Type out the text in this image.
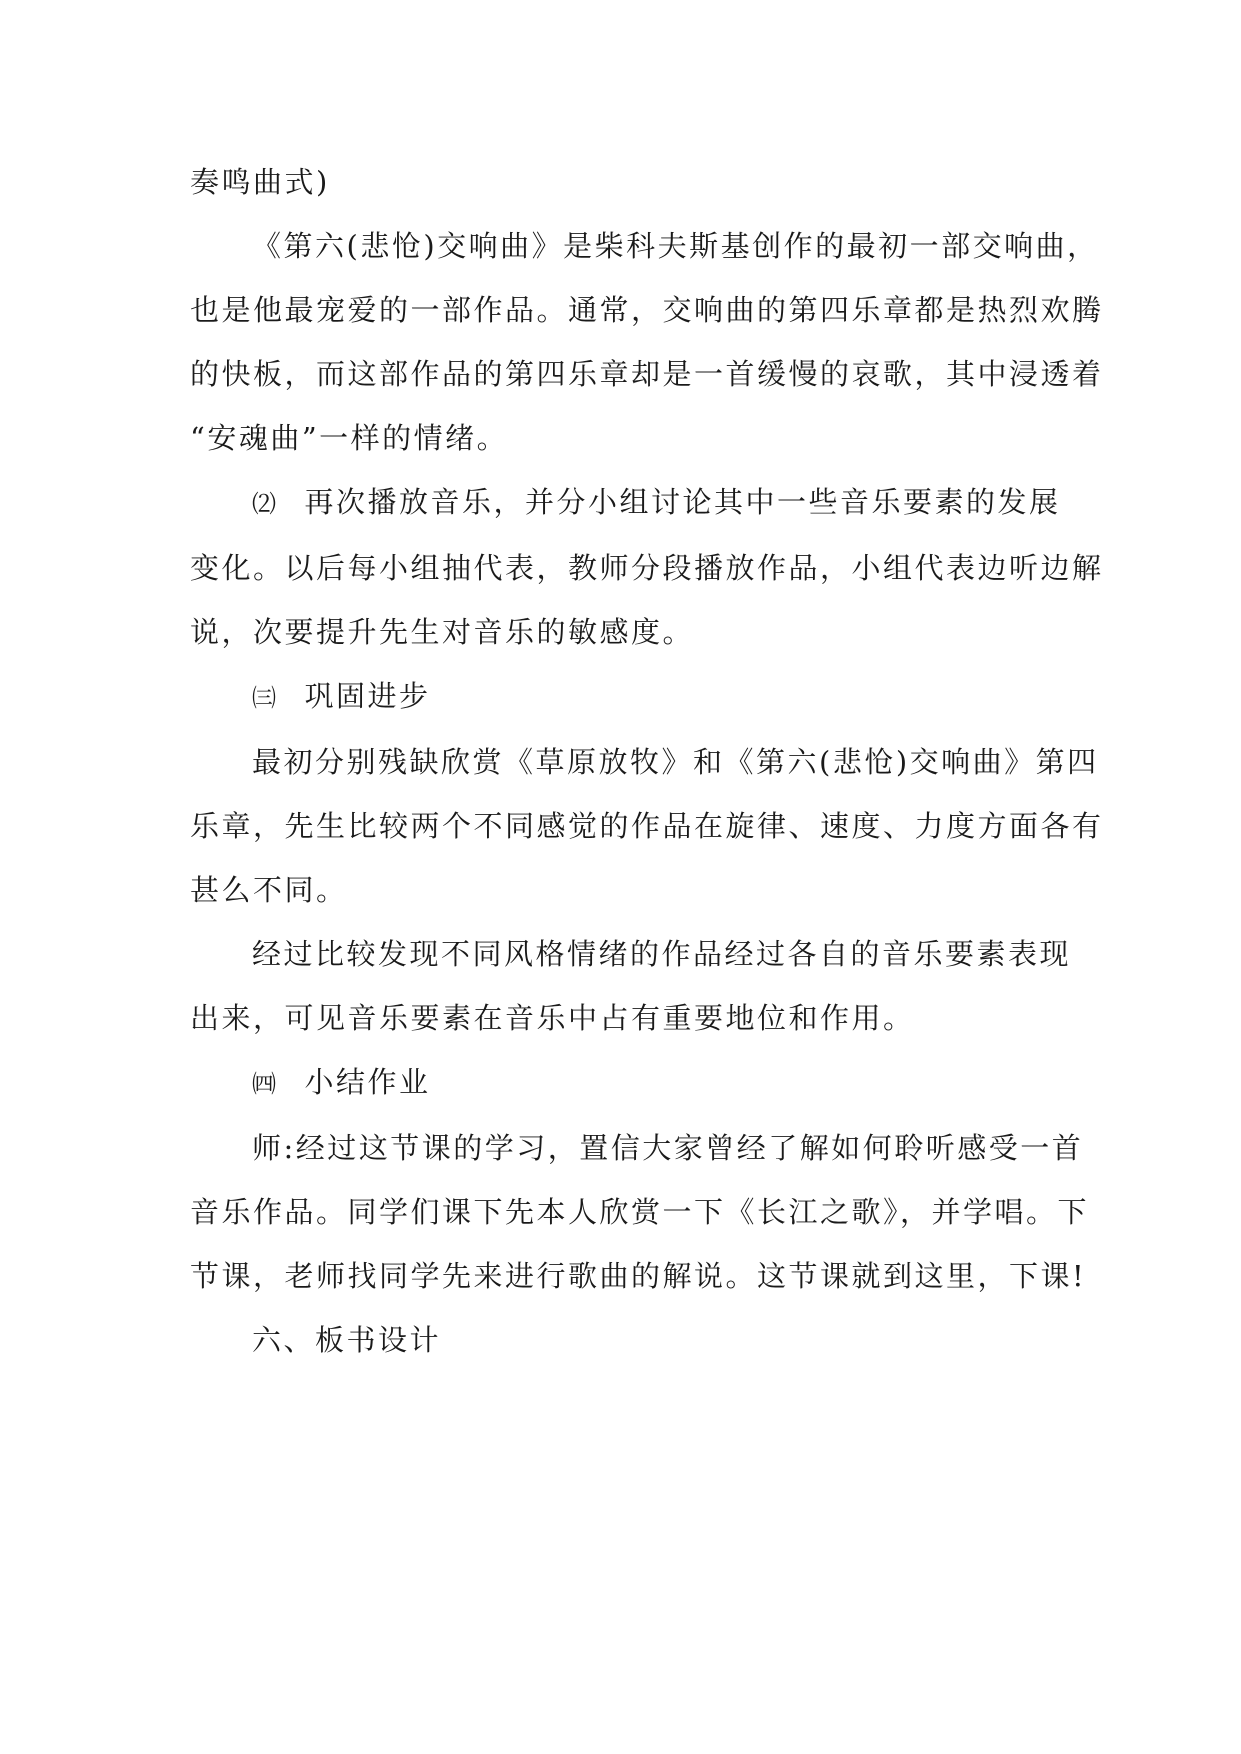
奏鸣曲式)

《第六(悲怆)交响曲》是柴科夫斯基创作的最初一部交响曲，
也是他最宠爱的一部作品。通常，交响曲的第四乐章都是热烈欢腾
的快板，而这部作品的第四乐章却是一首缓慢的哀歌，其中浸透着
“安魂曲”一样的情绪。

⑵ 再次播放音乐，并分小组讨论其中一些音乐要素的发展
变化。以后每小组抽代表，教师分段播放作品，小组代表边听边解
说，次要提升先生对音乐的敏感度。

㈢ 巩固进步

最初分别残缺欣赏《草原放牧》和《第六(悲怆)交响曲》第四
乐章，先生比较两个不同感觉的作品在旋律、速度、力度方面各有
甚么不同。

经过比较发现不同风格情绪的作品经过各自的音乐要素表现
出来，可见音乐要素在音乐中占有重要地位和作用。

㈣ 小结作业

师:经过这节课的学习，置信大家曾经了解如何聆听感受一首
音乐作品。同学们课下先本人欣赏一下《长江之歌》，并学唱。下
节课，老师找同学先来进行歌曲的解说。这节课就到这里，下课!

六、板书设计
